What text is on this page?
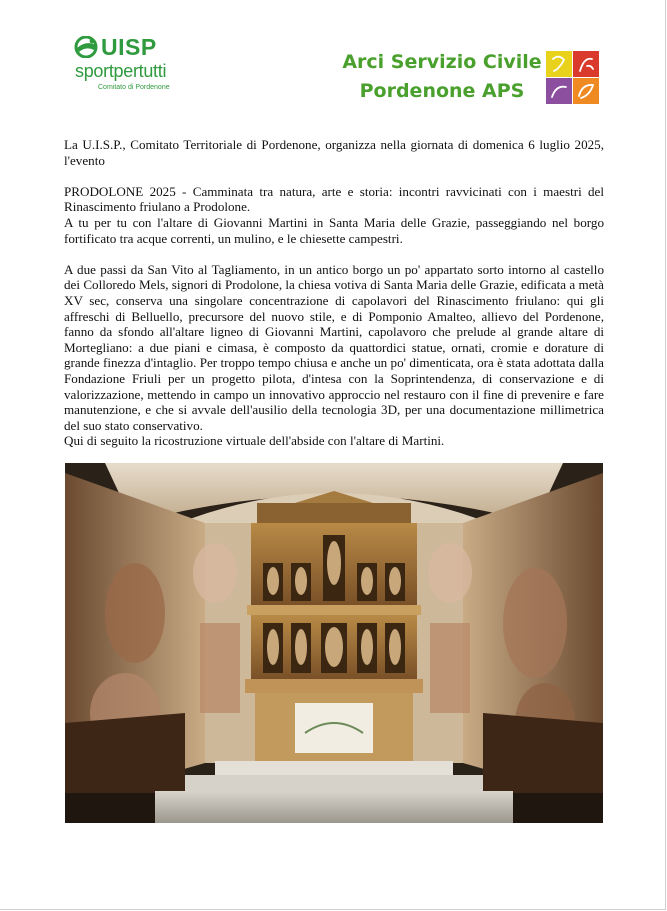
UISP
sportpertutti
Comitato di Pordenone
Arci Servizio Civile
Pordenone APS

La U.I.S.P., Comitato Territoriale di Pordenone, organizza nella giornata di domenica 6 luglio 2025, l'evento

PRODOLONE 2025 - Camminata tra natura, arte e storia: incontri ravvicinati con i maestri del Rinascimento friulano a Prodolone.

A tu per tu con l'altare di Giovanni Martini in Santa Maria delle Grazie, passeggiando nel borgo fortificato tra acque correnti, un mulino, e le chiesette campestri.

A due passi da San Vito al Tagliamento, in un antico borgo un po' appartato sorto intorno al castello dei Colloredo Mels, signori di Prodolone, la chiesa votiva di Santa Maria delle Grazie, edificata a metà XV sec, conserva una singolare concentrazione di capolavori del Rinascimento friulano: qui gli affreschi di Belluello, precursore del nuovo stile, e di Pomponio Amalteo, allievo del Pordenone, fanno da sfondo all'altare ligneo di Giovanni Martini, capolavoro che prelude al grande altare di Mortegliano: a due piani e cimasa, è composto da quattordici statue, ornati, cromie e dorature di grande finezza d'intaglio. Per troppo tempo chiusa e anche un po' dimenticata, ora è stata adottata dalla Fondazione Friuli per un progetto pilota, d'intesa con la Soprintendenza, di conservazione e di valorizzazione, mettendo in campo un innovativo approccio nel restauro con il fine di prevenire e fare manutenzione, e che si avvale dell'ausilio della tecnologia 3D, per una documentazione millimetrica del suo stato conservativo.

Qui di seguito la ricostruzione virtuale dell'abside con l'altare di Martini.
